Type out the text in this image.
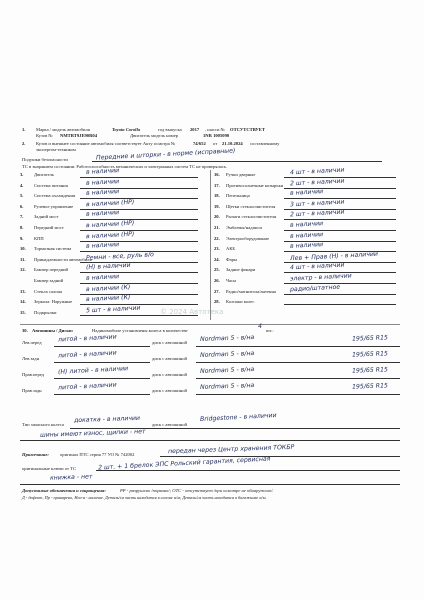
1. Марка / модель автомобиля	Toyota Corolla	год выпуска 2017 , шасси № ОТСУТСТВУЕТ
Кузов № NMTBT9JE90R04	Двигатель модель номер	1NR 1005090
2. Кузов и внешнее состояние автомобиля соответствует Акту осмотра №	74/652 от 21.10.2024 составленному
экспертом-техником
Подушки безопасности	Передние и шторки - в норме (исправные)
ТС в знаранием состоянии. Работоспособность механических и электронных систем ТС не проверялась.
3. Двигатель	в наличии
4. Система питания	в наличии
5. Система охлаждения в наличии
6. Рулевое управление в наличии (НР)
7. Задний мост	в наличии
8. Передний мост	в наличии (НР)
9. КПП	в наличии (НР)
10. Тормозная система в наличии
11. Принадлежности автомобиля
Ремни - все, руль в/о
12. Бампер передний	(Н) в наличии
Бампер задний	в наличии
13. Стекла салона	в наличии (К)
14. Зеркала: Наружные в наличии (К)
15. Подкрылки	5 шт - в наличии
16. Ручки дверные	4 шт - в наличии
17. Противосолнечные козырьки 2 шт - в наличии
18. Пепельница	в наличии
19. Щетки стеклоочистителя 3 шт - в наличии
20. Рычаги стеклоочистителя 2 шт - в наличии
21. Эмблемы/надписи	в наличии
22. Электрооборудование	в наличии
23. АКБ	в наличии
24. Фары	Лев + Прав (Н) - в наличии
25. Задние фонари	4 шт - в наличии
26. Часы	электр - в наличии
27. Радио/магнитола/антенна радио/штатное
28. Колпаки колес
30. Автошины / Диски:	Надиномобиле установлены колеса в количестве
4
шт.:
Лев.перед	литой - в наличии	диск с автошиной Nordman 5 - в/на	195/65 R15
Лев.задн	литой - в наличии	диск с автошиной Nordman 5 - в/на	195/65 R15
Прав.перед (Н) литой - в наличии	диск с автошиной Nordman 5 - в/на	195/65 R15
Прав.задн	литой - в наличии	диск с автошиной Nordman 5 - в/на	195/65 R15
Тип запасного колеса
докатка - в наличии
диск с автошиной
Bridgestone - в наличии
шины имеют износ, щипки - нет
Примечание: оригинал ПТС серия 77 УО № 742002	передан через Центр хранения ТОКБР
оригинальные ключи от ТС	2 шт. + 1 брелок ЭПС Рольский гарантия, сервисная
книжка - нет
Допустимые обозначения и сокращения:	РР - разрушено /порвано/; ОТС - отсутствует /при осмотре не обнаружено/.
Д - дефект, Пр - приварено, Нал-я - наличие. Деталь/ся часть находится в салоне а/м; Деталь/ся часть находится в багажнике а/м.
© 2024 Автотека
